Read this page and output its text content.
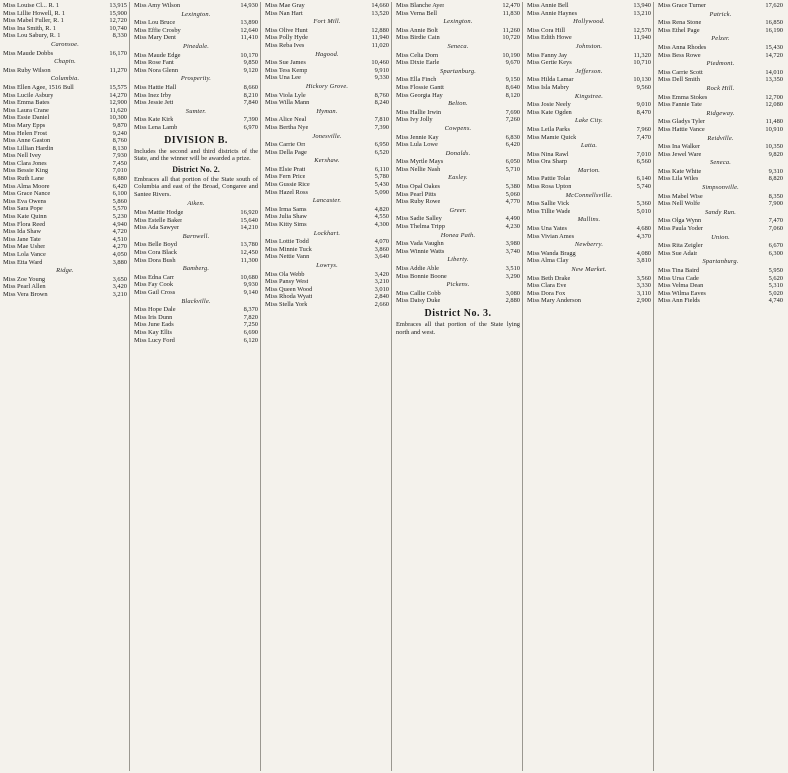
Miss Louise Cl... R. 1	13,915
Miss Lillie Howell, R. 1	15,900
Miss Mabel Fuller, R. 1	12,720
Miss Ina Smith, R. 1	10,740
Miss Lou Sabury, R. 1	8,330
Caronsoe.
Miss Maude Dobbs	16,170
Chapin.
Miss Ruby Wilson	11,270
Columbia.
Miss Ellen Agee, 1516 Bull	15,575
Miss Lucile Asbury	14,270
Miss Emma Bates	12,900
Miss Laura Crane	11,620
Miss Essie Daniel	10,300
Miss Mary Epps	9,870
Miss Helen Frost	9,240
Miss Anne Gaston	8,760
Miss Lillian Hardin	8,130
Miss Nell Ivey	7,930
Miss Clara Jones	7,450
Miss Bessie King	7,010
Miss Ruth Lane	6,880
Miss Alma Moore	6,420
Miss Grace Nance	6,100
Miss Eva Owens	5,860
Miss Sara Pope	5,570
Miss Kate Quinn	5,230
Miss Flora Reed	4,940
Miss Ida Shaw	4,720
Miss Jane Tate	4,510
Miss Mae Usher	4,270
Miss Lola Vance	4,050
Miss Etta Ward	3,880
Ridge.
Miss Zoe Young	3,650
Miss Pearl Allen	3,420
Miss Vera Brown	3,210
Miss Amy Wilson	14,930
Lexington.
Miss Lou Bruce	13,890
Miss Effie Crosby	12,640
Miss Mary Dent	11,410
Pinedale.
Miss Maude Edge	10,170
Miss Rose Fant	9,850
Miss Nora Glenn	9,120
Prosperity.
Miss Hattie Hall	8,660
Miss Inez Irby	8,210
Miss Jessie Jett	7,840
Sumter.
Miss Kate Kirk	7,390
Miss Lena Lamb	6,970
DIVISION B.
Includes the second and third districts of the State, and the winner will be awarded a prize.
District No. 2.
Embraces all that portion of the State south of Columbia and east of the Broad, Congaree and Santee Rivers.
Aiken.
Miss Mattie Hodge	16,920
Miss Estelle Baker	15,640
Miss Ada Sawyer	14,210
Barnwell.
Miss Belle Boyd	13,780
Miss Cora Black	12,450
Miss Dora Bush	11,300
Bamberg.
Miss Edna Carr	10,680
Miss Fay Cook	9,930
Miss Gail Cross	9,140
Blackville.
Miss Hope Dale	8,370
Miss Iris Dunn	7,820
Miss June Eads	7,250
Miss Kay Ellis	6,690
Miss Lucy Ford	6,120
Miss Mae Gray	14,660
Miss Nan Hart	13,520
Fort Mill.
Miss Olive Hunt	12,880
Miss Polly Hyde	11,940
Miss Reba Ives	11,020
Hagood.
Miss Sue James	10,460
Miss Tess Kemp	9,910
Miss Una Lee	9,330
Hickory Grove.
Miss Viola Lyle	8,760
Miss Willa Mann	8,240
Hyman.
Miss Alice Neal	7,810
Miss Bertha Nye	7,390
Jonesville.
Miss Carrie Orr	6,950
Miss Della Page	6,520
Kershaw.
Miss Elsie Pratt	6,110
Miss Fern Price	5,780
Miss Gussie Rice	5,430
Miss Hazel Ross	5,090
Lancaster.
Miss Irma Sams	4,820
Miss Julia Shaw	4,550
Miss Kitty Sims	4,300
Lockhart.
Miss Lottie Todd	4,070
Miss Minnie Tuck	3,860
Miss Nettie Vann	3,640
Lowrys.
Miss Ola Webb	3,420
Miss Pansy West	3,210
Miss Queen Wood	3,010
Miss Rhoda Wyatt	2,840
Miss Stella York	2,660
Miss Blanche Ayer	12,470
Miss Verna Bell	11,830
Lexington.
Miss Annie Bolt	11,260
Miss Birdie Cain	10,720
Seneca.
Miss Celia Dorn	10,190
Miss Dixie Earle	9,670
Spartanburg.
Miss Ella Finch	9,150
Miss Flossie Gantt	8,640
Miss Georgia Hay	8,120
Belton.
Miss Hallie Irwin	7,690
Miss Ivy Jolly	7,260
Cowpens.
Miss Jennie Kay	6,830
Miss Lula Lowe	6,420
Donalds.
Miss Myrtle Mays	6,050
Miss Nellie Nash	5,710
Easley.
Miss Opal Oakes	5,380
Miss Pearl Pitts	5,060
Miss Ruby Rowe	4,770
Greer.
Miss Sadie Salley	4,490
Miss Thelma Tripp	4,230
Honea Path.
Miss Vada Vaughn	3,980
Miss Winnie Watts	3,740
Liberty.
Miss Addie Able	3,510
Miss Bonnie Boone	3,290
Pickens.
Miss Callie Cobb	3,080
Miss Daisy Duke	2,880
District No. 3.
Embraces all that portion of the State lying north and west.
Miss Annie Bell	13,940
Miss Annie Haynes	13,210
Hollywood.
Miss Cora Hill	12,570
Miss Edith Howe	11,940
Johnston.
Miss Fanny Jay	11,320
Miss Gertie Keys	10,710
Jefferson.
Miss Hilda Lamar	10,130
Miss Isla Mabry	9,560
Kingstree.
Miss Josie Neely	9,010
Miss Kate Ogden	8,470
Lake City.
Miss Leila Parks	7,960
Miss Mamie Quick	7,470
Latta.
Miss Nina Rawl	7,010
Miss Ora Sharp	6,560
Marion.
Miss Pattie Tolar	6,140
Miss Rosa Upton	5,740
McConnellsville.
Miss Sallie Vick	5,360
Miss Tillie Wade	5,010
Mullins.
Miss Una Yates	4,680
Miss Vivian Ames	4,370
Newberry.
Miss Wanda Bragg	4,080
Miss Alma Clay	3,810
New Market.
Miss Beth Drake	3,560
Miss Clara Eve	3,330
Miss Dora Fox	3,110
Miss Mary Anderson	2,900
Miss Grace Turner	17,620
Patrick.
Miss Rena Stone	16,850
Miss Ethel Page	16,190
Pelzer.
Miss Anna Rhodes	15,430
Miss Bess Rowe	14,720
Piedmont.
Miss Carrie Scott	14,010
Miss Dell Smith	13,350
Rock Hill.
Miss Emma Stokes	12,700
Miss Fannie Tate	12,080
Ridgeway.
Miss Gladys Tyler	11,480
Miss Hattie Vance	10,910
Reidville.
Miss Ina Walker	10,350
Miss Jewel Ware	9,820
Seneca.
Miss Kate White	9,310
Miss Lila Wiles	8,820
Simpsonville.
Miss Mabel Wise	8,350
Miss Nell Wolfe	7,900
Sandy Run.
Miss Olga Wynn	7,470
Miss Paula Yoder	7,060
Union.
Miss Rita Zeigler	6,670
Miss Sue Adair	6,300
Spartanburg.
Miss Tina Baird	5,950
Miss Ursa Cade	5,620
Miss Velma Dean	5,310
Miss Wilma Eaves	5,020
Miss Ann Fields	4,740
